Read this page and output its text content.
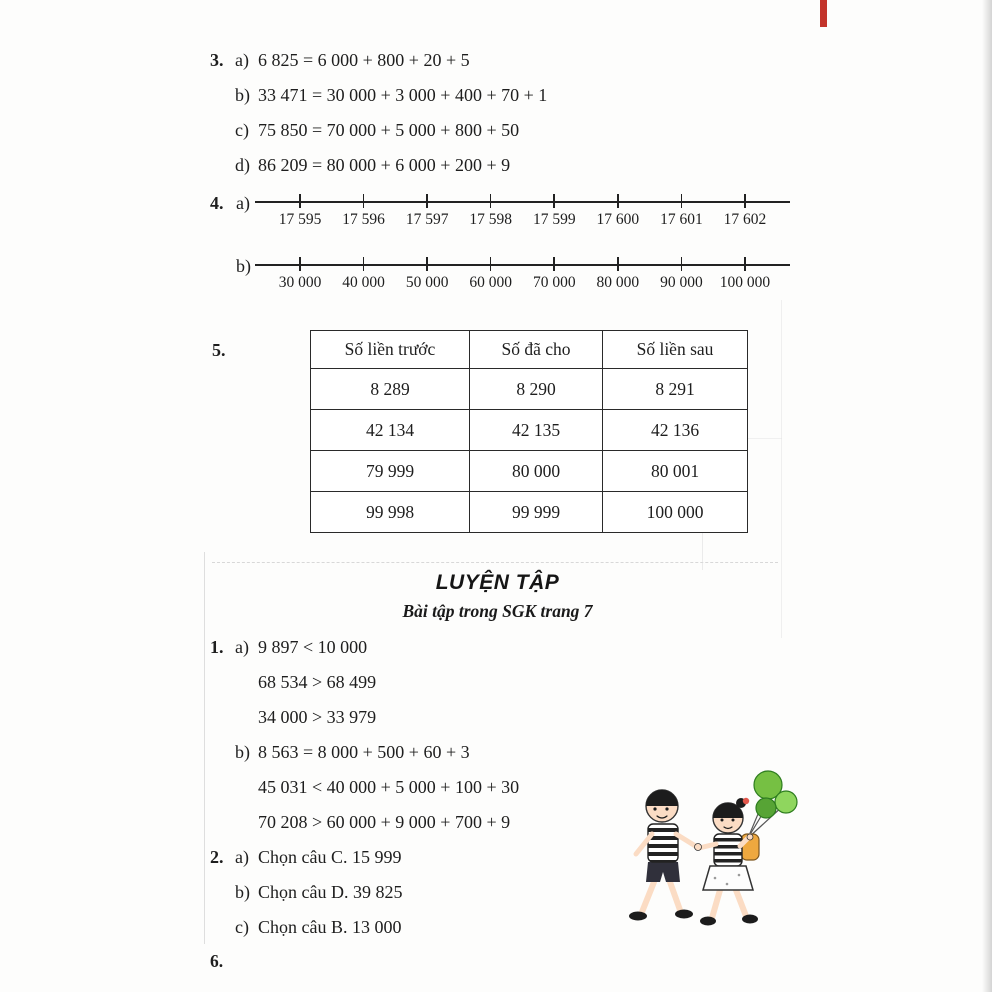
3. a) 6 825 = 6 000 + 800 + 20 + 5
b) 33 471 = 30 000 + 3 000 + 400 + 70 + 1
c) 75 850 = 70 000 + 5 000 + 800 + 50
d) 86 209 = 80 000 + 6 000 + 200 + 9
4. a)
17 595 17 596 17 597 17 598 17 599 17 600 17 601 17 602
b)
30 000 40 000 50 000 60 000 70 000 80 000 90 000 100 000
5.	Số liền trước	Số đã cho	Số liền sau
8 289	8 290	8 291
42 134	42 135	42 136
79 999	80 000	80 001
99 998	99 999	100 000
LUYỆN TẬP
Bài tập trong SGK trang 7
1. a) 9 897 < 10 000
68 534 > 68 499
34 000 > 33 979
b) 8 563 = 8 000 + 500 + 60 + 3
45 031 < 40 000 + 5 000 + 100 + 30
70 208 > 60 000 + 9 000 + 700 + 9
2. a) Chọn câu C. 15 999
b) Chọn câu D. 39 825
c) Chọn câu B. 13 000
6.
